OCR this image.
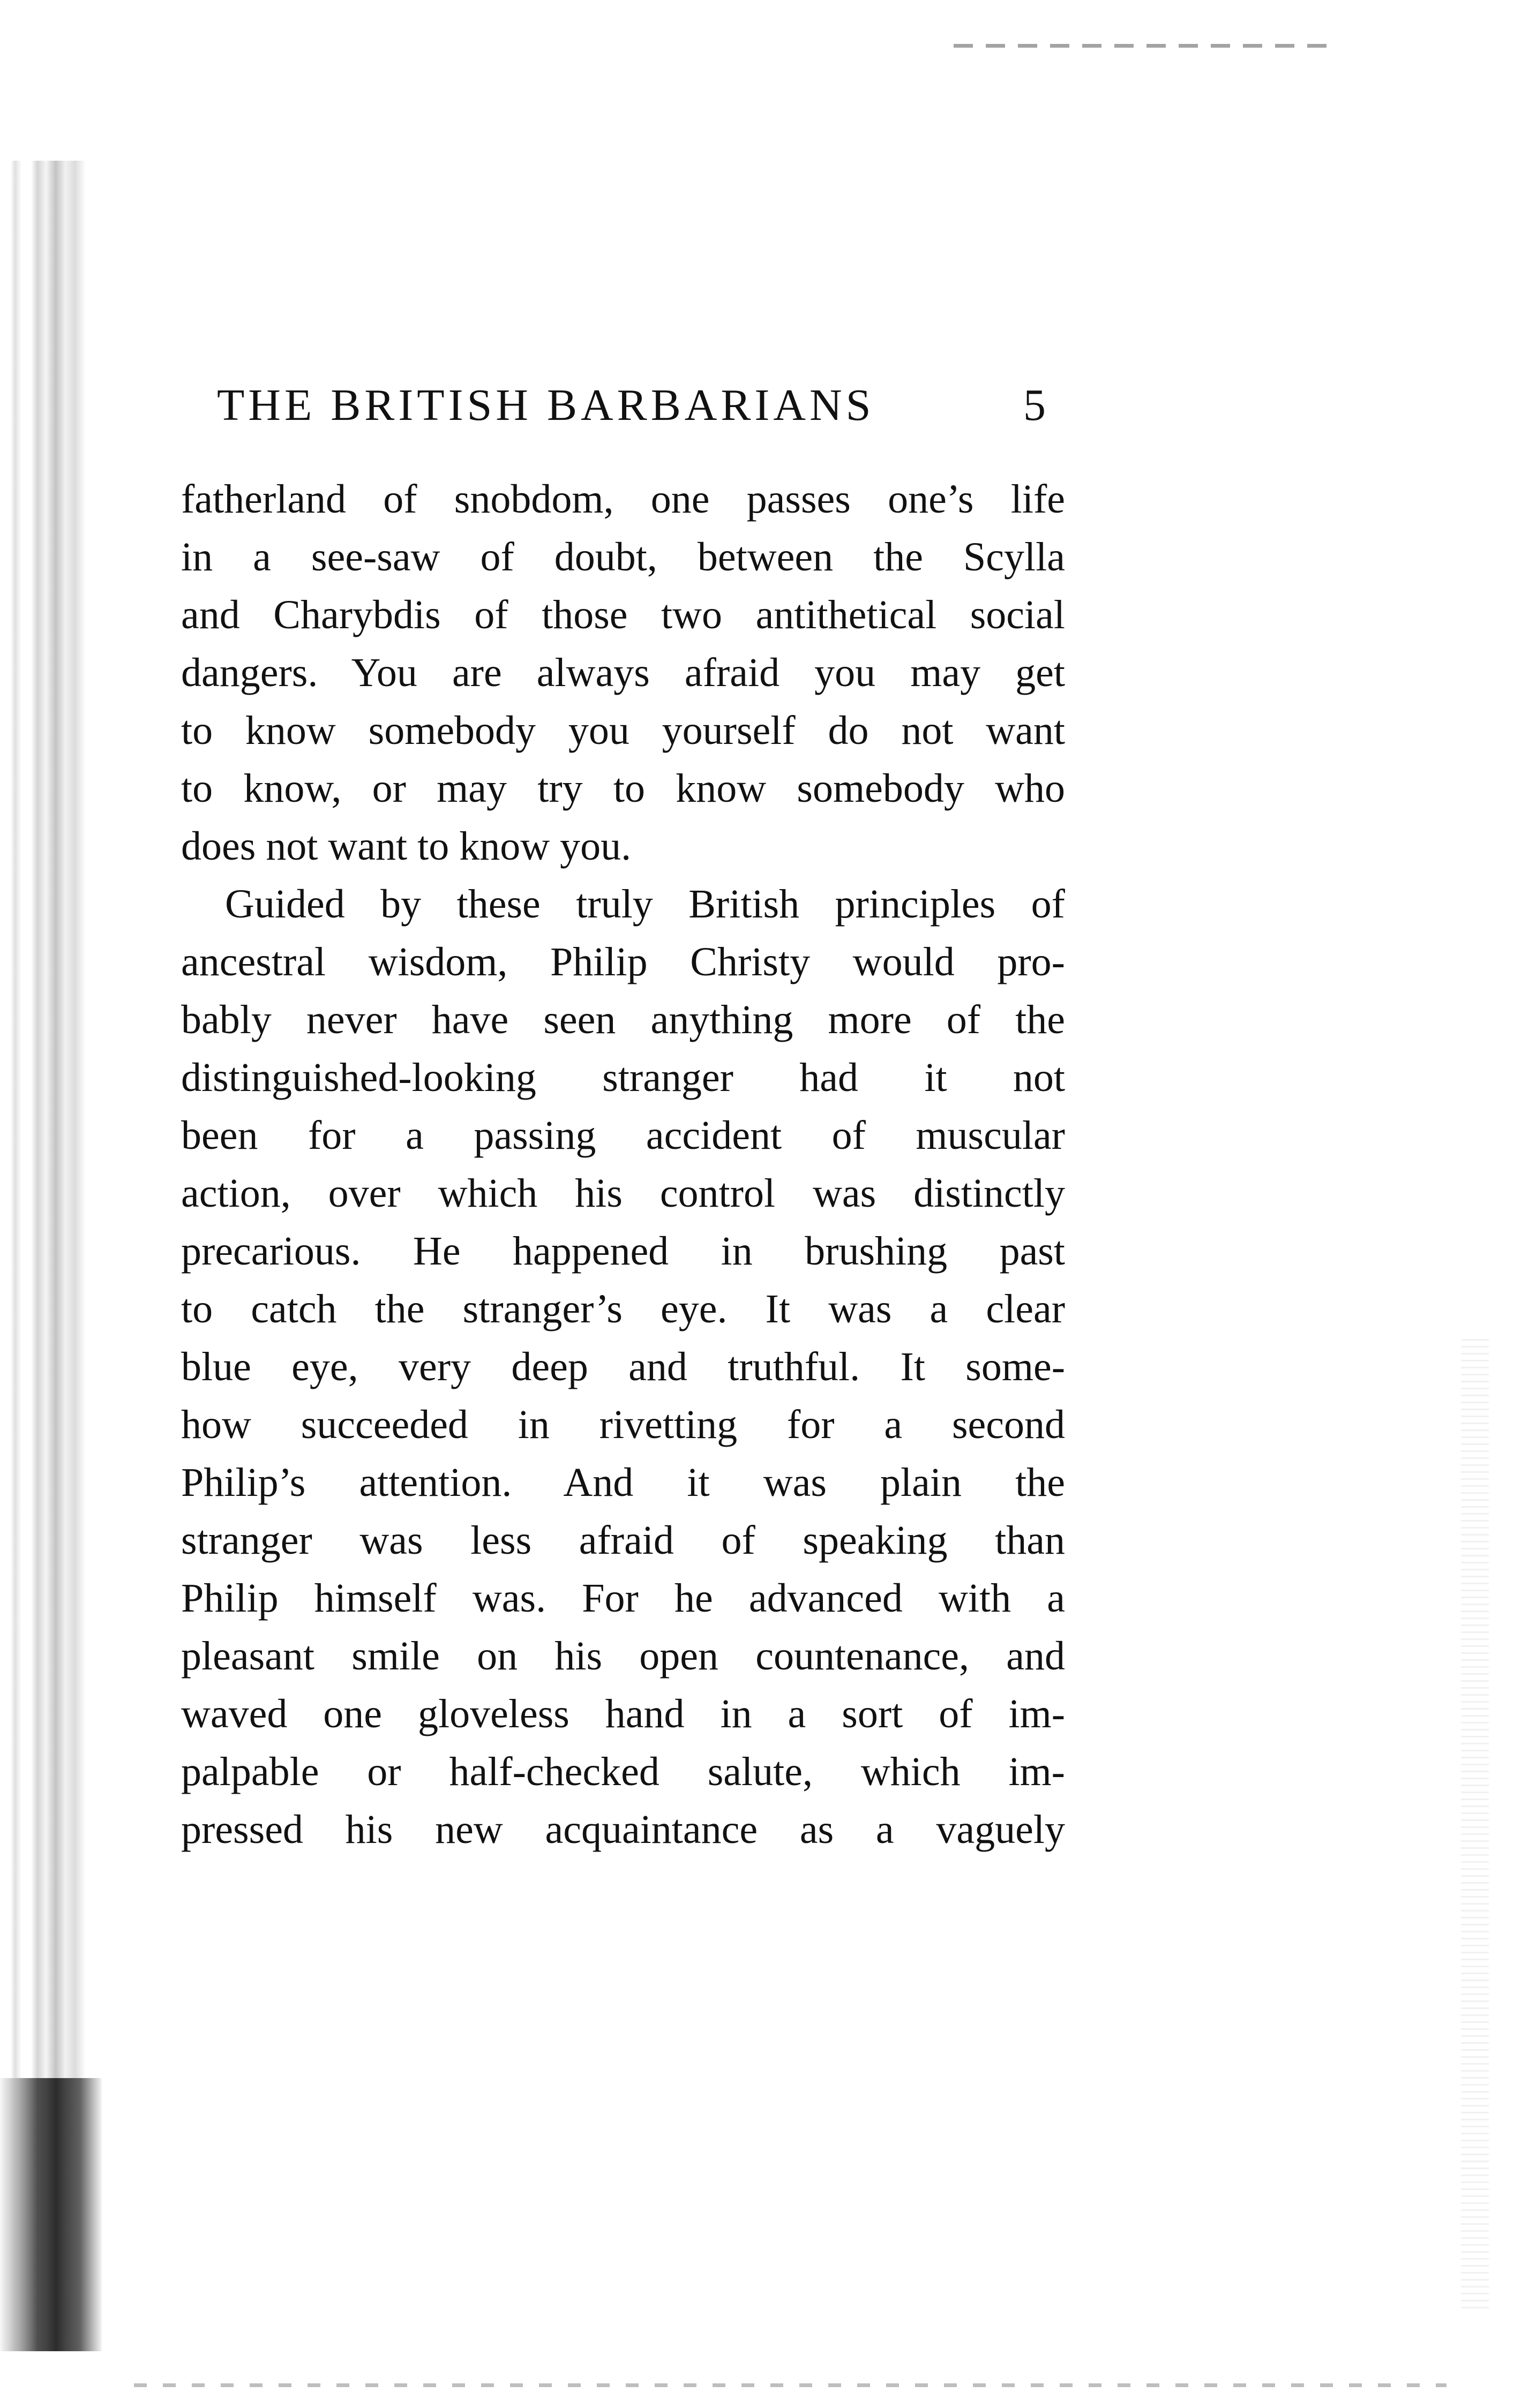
THE BRITISH BARBARIANS	5
fatherland of snobdom, one passes one’s life
in a see-saw of doubt, between the Scylla
and Charybdis of those two antithetical social
dangers. You are always afraid you may get
to know somebody you yourself do not want
to know, or may try to know somebody who
does not want to know you.
Guided by these truly British principles of
ancestral wisdom, Philip Christy would pro-
bably never have seen anything more of the
distinguished-looking stranger had it not
been for a passing accident of muscular
action, over which his control was distinctly
precarious. He happened in brushing past
to catch the stranger’s eye. It was a clear
blue eye, very deep and truthful. It some-
how succeeded in rivetting for a second
Philip’s attention. And it was plain the
stranger was less afraid of speaking than
Philip himself was. For he advanced with a
pleasant smile on his open countenance, and
waved one gloveless hand in a sort of im-
palpable or half-checked salute, which im-
pressed his new acquaintance as a vaguely
